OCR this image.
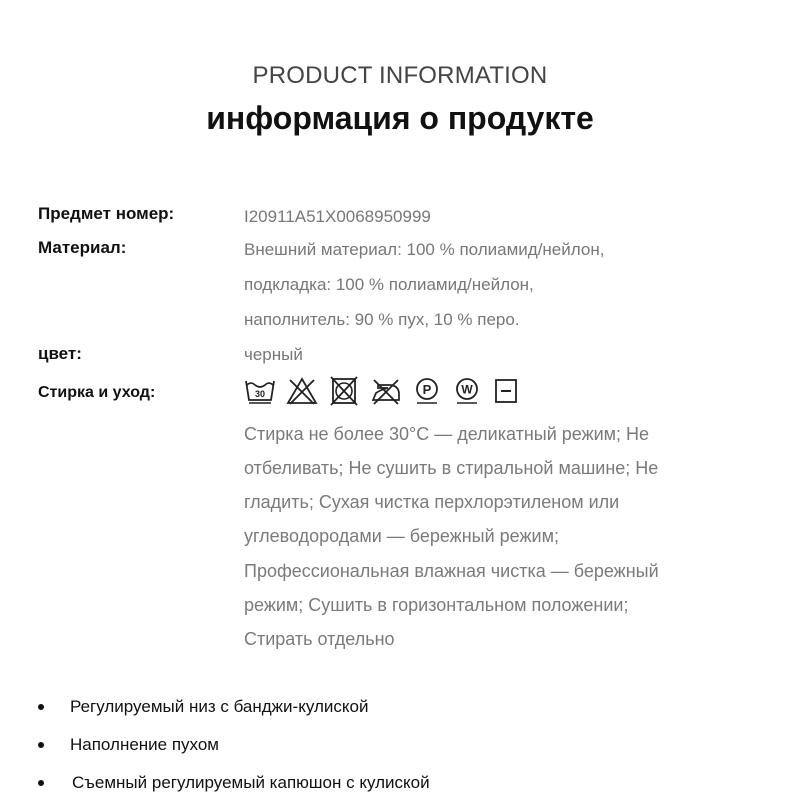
PRODUCT INFORMATION
информация о продукте
Предмет номер:	I20911A51X0068950999
Материал:	Внешний материал: 100 % полиамид/нейлон,
подкладка: 100 % полиамид/нейлон,
наполнитель: 90 % пух, 10 % перо.
цвет:	черный
Стирка и уход:	30	P	W
Стирка не более 30°C — деликатный режим; Не
отбеливать; Не сушить в стиральной машине; Не
гладить; Сухая чистка перхлорэтиленом или
углеводородами — бережный режим;
Профессиональная влажная чистка — бережный
режим; Сушить в горизонтальном положении;
Стирать отдельно
Регулируемый низ с банджи-кулиской
Наполнение пухом
Съемный регулируемый капюшон с кулиской
